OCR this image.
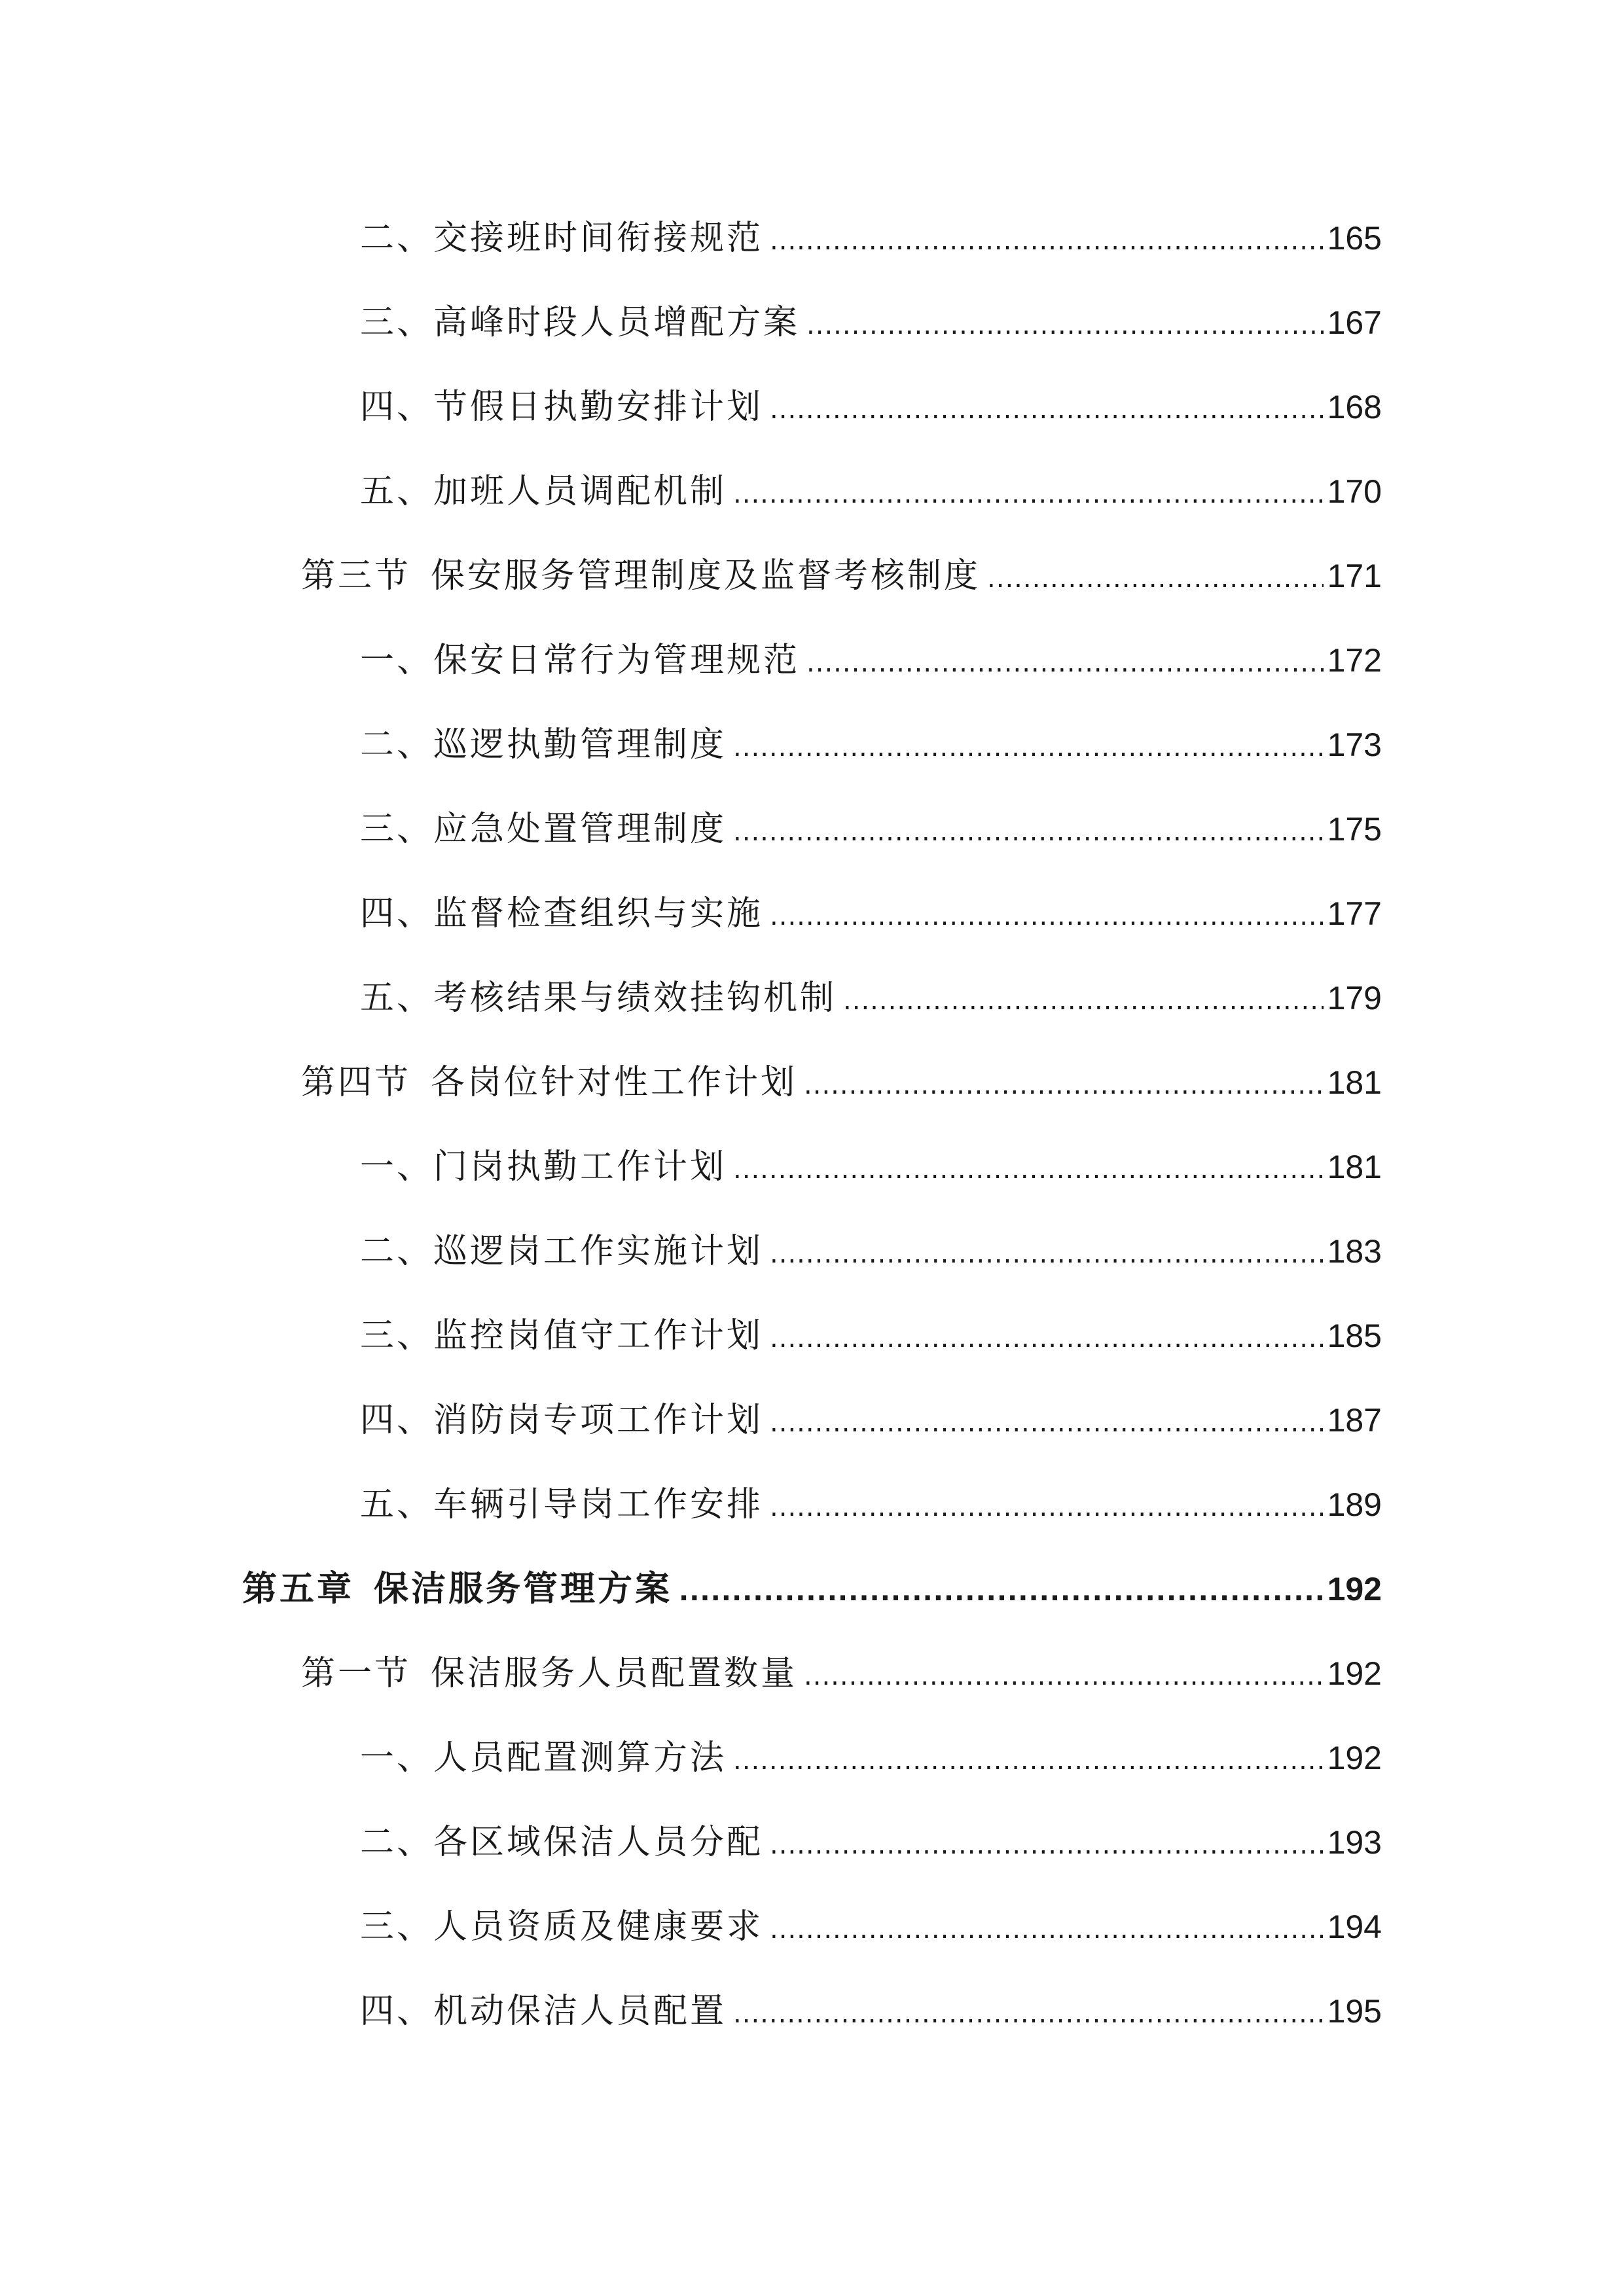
二、交接班时间衔接规范 .....	165
三、高峰时段人员增配方案 .....	167
四、节假日执勤安排计划 .....	168
五、加班人员调配机制 .....	170
第三节 保安服务管理制度及监督考核制度 .....	171
一、保安日常行为管理规范 .....	172
二、巡逻执勤管理制度 .....	173
三、应急处置管理制度 .....	175
四、监督检查组织与实施 .....	177
五、考核结果与绩效挂钩机制 .....	179
第四节 各岗位针对性工作计划 .....	181
一、门岗执勤工作计划 .....	181
二、巡逻岗工作实施计划 .....	183
三、监控岗值守工作计划 .....	185
四、消防岗专项工作计划 .....	187
五、车辆引导岗工作安排 .....	189
第五章 保洁服务管理方案 .....	192
第一节 保洁服务人员配置数量 .....	192
一、人员配置测算方法 .....	192
二、各区域保洁人员分配 .....	193
三、人员资质及健康要求 .....	194
四、机动保洁人员配置 .....	195
